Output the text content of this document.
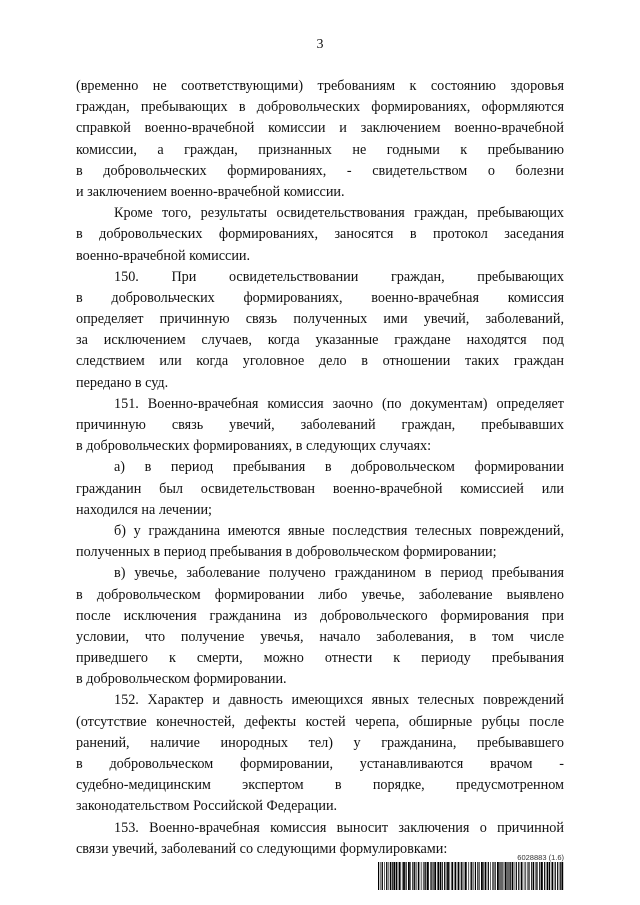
3
(временно не соответствующими) требованиям к состоянию здоровья
граждан, пребывающих в добровольческих формированиях, оформляются
справкой военно-врачебной комиссии и заключением военно-врачебной
комиссии, а граждан, признанных не годными к пребыванию
в добровольческих формированиях, - свидетельством о болезни
и заключением военно-врачебной комиссии.
Кроме того, результаты освидетельствования граждан, пребывающих
в добровольческих формированиях, заносятся в протокол заседания
военно-врачебной комиссии.
150. При освидетельствовании граждан, пребывающих
в добровольческих формированиях, военно-врачебная комиссия
определяет причинную связь полученных ими увечий, заболеваний,
за исключением случаев, когда указанные граждане находятся под
следствием или когда уголовное дело в отношении таких граждан
передано в суд.
151. Военно-врачебная комиссия заочно (по документам) определяет
причинную связь увечий, заболеваний граждан, пребывавших
в добровольческих формированиях, в следующих случаях:
а) в период пребывания в добровольческом формировании
гражданин был освидетельствован военно-врачебной комиссией или
находился на лечении;
б) у гражданина имеются явные последствия телесных повреждений,
полученных в период пребывания в добровольческом формировании;
в) увечье, заболевание получено гражданином в период пребывания
в добровольческом формировании либо увечье, заболевание выявлено
после исключения гражданина из добровольческого формирования при
условии, что получение увечья, начало заболевания, в том числе
приведшего к смерти, можно отнести к периоду пребывания
в добровольческом формировании.
152. Характер и давность имеющихся явных телесных повреждений
(отсутствие конечностей, дефекты костей черепа, обширные рубцы после
ранений, наличие инородных тел) у гражданина, пребывавшего
в добровольческом формировании, устанавливаются врачом -
судебно-медицинским экспертом в порядке, предусмотренном
законодательством Российской Федерации.
153. Военно-врачебная комиссия выносит заключения о причинной
связи увечий, заболеваний со следующими формулировками:
6028883 (1.6)
